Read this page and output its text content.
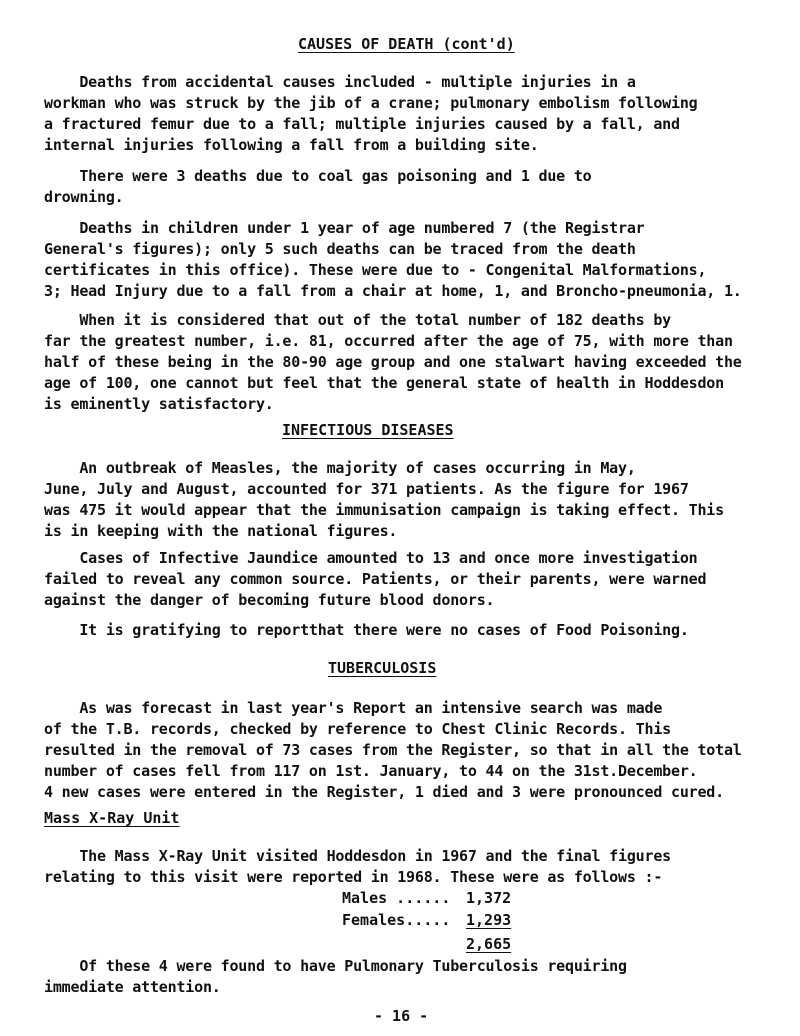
CAUSES OF DEATH (cont'd)

Deaths from accidental causes included - multiple injuries in a
workman who was struck by the jib of a crane; pulmonary embolism following
a fractured femur due to a fall; multiple injuries caused by a fall, and
internal injuries following a fall from a building site.

There were 3 deaths due to coal gas poisoning and 1 due to
drowning.

Deaths in children under 1 year of age numbered 7 (the Registrar
General's figures); only 5 such deaths can be traced from the death
certificates in this office). These were due to - Congenital Malformations,
3; Head Injury due to a fall from a chair at home, 1, and Broncho-pneumonia, 1.

When it is considered that out of the total number of 182 deaths by
far the greatest number, i.e. 81, occurred after the age of 75, with more than
half of these being in the 80-90 age group and one stalwart having exceeded the
age of 100, one cannot but feel that the general state of health in Hoddesdon
is eminently satisfactory.

INFECTIOUS DISEASES

An outbreak of Measles, the majority of cases occurring in May,
June, July and August, accounted for 371 patients. As the figure for 1967
was 475 it would appear that the immunisation campaign is taking effect. This
is in keeping with the national figures.

Cases of Infective Jaundice amounted to 13 and once more investigation
failed to reveal any common source. Patients, or their parents, were warned
against the danger of becoming future blood donors.

It is gratifying to reportthat there were no cases of Food Poisoning.

TUBERCULOSIS

As was forecast in last year's Report an intensive search was made
of the T.B. records, checked by reference to Chest Clinic Records. This
resulted in the removal of 73 cases from the Register, so that in all the total
number of cases fell from 117 on 1st. January, to 44 on the 31st.December.
4 new cases were entered in the Register, 1 died and 3 were pronounced cured.

Mass X-Ray Unit

The Mass X-Ray Unit visited Hoddesdon in 1967 and the final figures
relating to this visit were reported in 1968. These were as follows :-

Males ...... 1,372

Females..... 1,293

2,665

Of these 4 were found to have Pulmonary Tuberculosis requiring
immediate attention.

- 16 -
